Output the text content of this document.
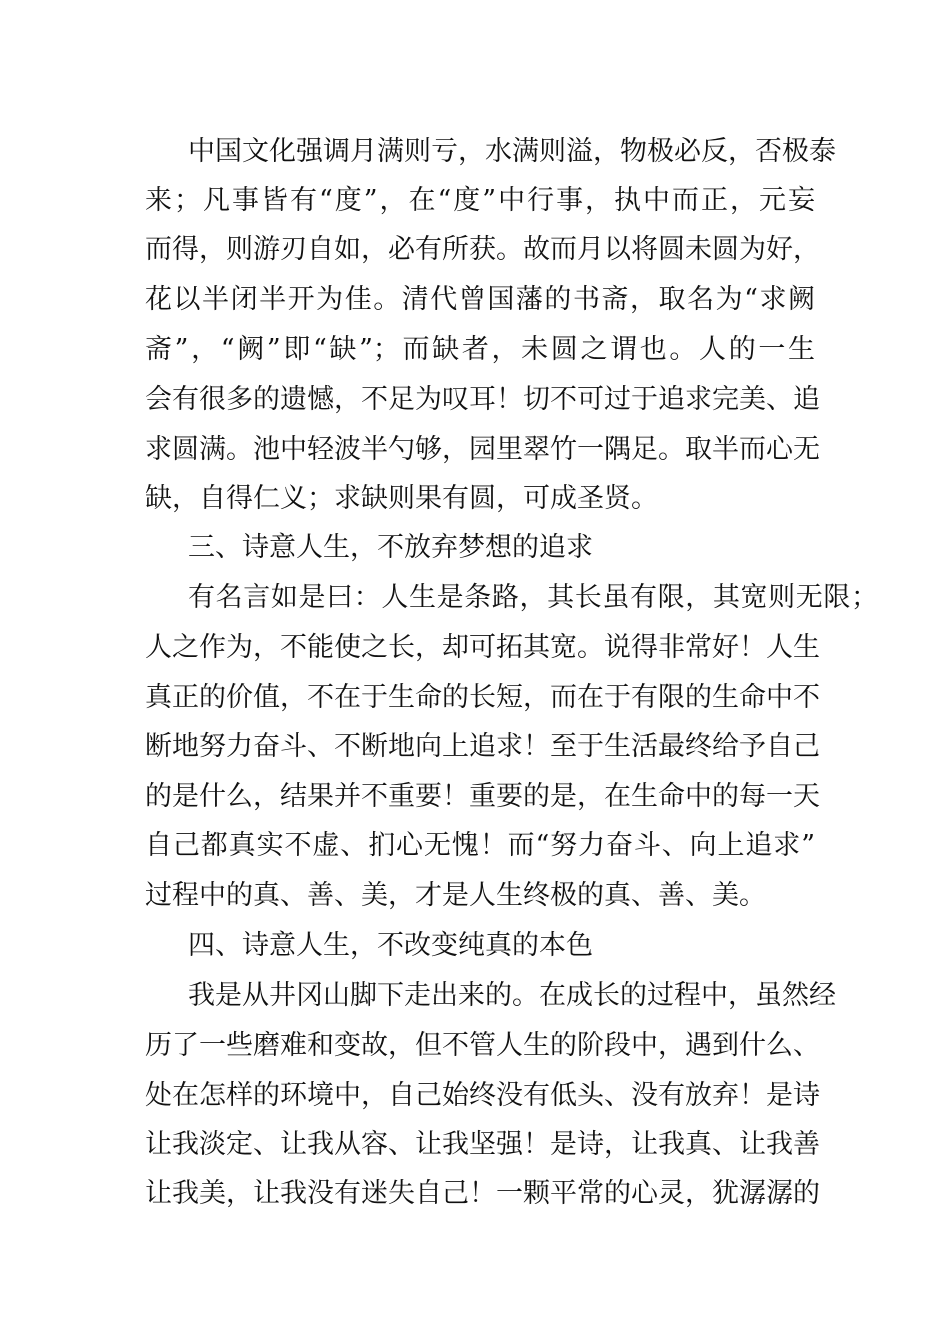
中国文化强调月满则亏，水满则溢，物极必反，否极泰
来；凡事皆有“度”，在“度”中行事，执中而正，元妄
而得，则游刃自如，必有所获。故而月以将圆未圆为好，
花以半闭半开为佳。清代曾国藩的书斋，取名为“求阙
斋”，“阙”即“缺”；而缺者，未圆之谓也。人的一生
会有很多的遗憾，不足为叹耳！切不可过于追求完美、追
求圆满。池中轻波半勺够，园里翠竹一隅足。取半而心无
缺，自得仁义；求缺则果有圆，可成圣贤。
三、诗意人生，不放弃梦想的追求
有名言如是曰：人生是条路，其长虽有限，其宽则无限；
人之作为，不能使之长，却可拓其宽。说得非常好！人生
真正的价值，不在于生命的长短，而在于有限的生命中不
断地努力奋斗、不断地向上追求！至于生活最终给予自己
的是什么，结果并不重要！重要的是，在生命中的每一天
自己都真实不虚、扪心无愧！而“努力奋斗、向上追求”
过程中的真、善、美，才是人生终极的真、善、美。
四、诗意人生，不改变纯真的本色
我是从井冈山脚下走出来的。在成长的过程中，虽然经
历了一些磨难和变故，但不管人生的阶段中，遇到什么、
处在怎样的环境中，自己始终没有低头、没有放弃！是诗
让我淡定、让我从容、让我坚强！是诗，让我真、让我善
让我美，让我没有迷失自己！一颗平常的心灵，犹潺潺的
